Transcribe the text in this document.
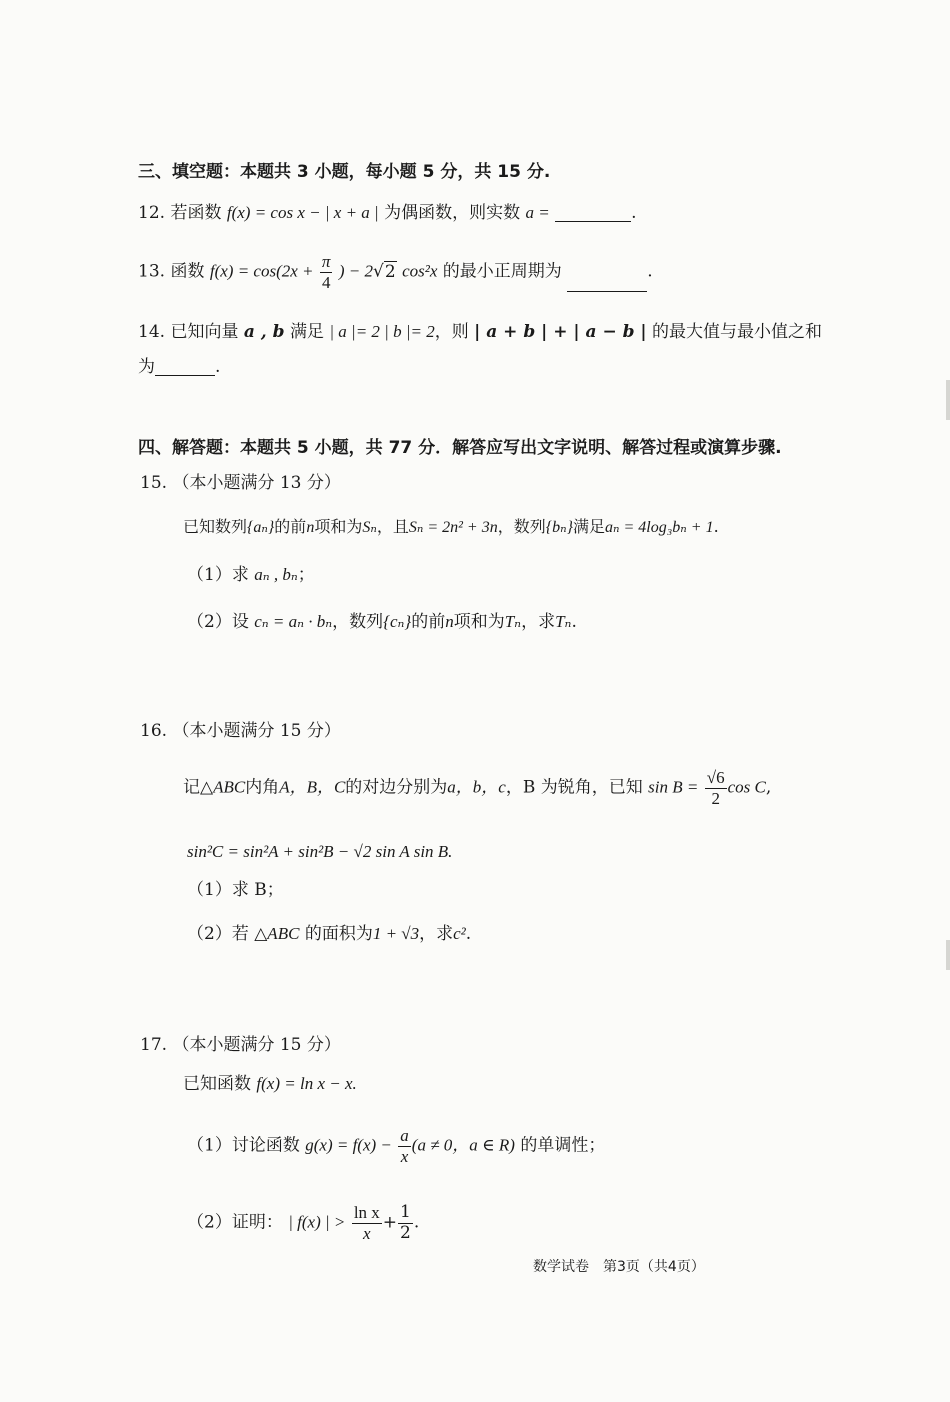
三、填空题：本题共 3 小题，每小题 5 分，共 15 分.
12. 若函数 f(x) = cos x − | x + a | 为偶函数，则实数 a =	.
13. 函数 $f(x) = \cos(2x + \frac{\pi}{4}$ ) − 2√2 cos²x 的最小正周期为	.
14. 已知向量 a , b 满足 | a |= 2 | b |= 2，则 | a + b | + | a − b | 的最大值与最小值之和
为	.
四、解答题：本题共 5 小题，共 77 分．解答应写出文字说明、解答过程或演算步骤.
15. （本小题满分 13 分）
已知数列{aₙ}的前n项和为Sₙ，且Sₙ = 2n² + 3n，数列{bₙ}满足aₙ = 4log₃bₙ + 1.
（1）求 aₙ , bₙ；
（2）设 cₙ = aₙ · bₙ，数列{cₙ}的前n项和为Tₙ，求Tₙ.
16. （本小题满分 15 分）
记△ABC内角A，B，C的对边分别为a，b，c，B 为锐角，已知 $\sin B = \frac{√6}{2}$ cos C,
sin²C = sin²A + sin²B − √2 sin A sin B.
（1）求 B；
（2）若 △ABC 的面积为1 + √3，求c².
17. （本小题满分 15 分）
已知函数 f(x) = ln x − x.
（1）讨论函数 $g(x) = f(x) - \frac{a}{x} (a \ne 0$，a ∈ R) 的单调性；
（2）证明： | f(x) | > $\frac{\text{ln x}}{x} + \frac{1}{2}$ .
数学试卷　第3页（共4页）
